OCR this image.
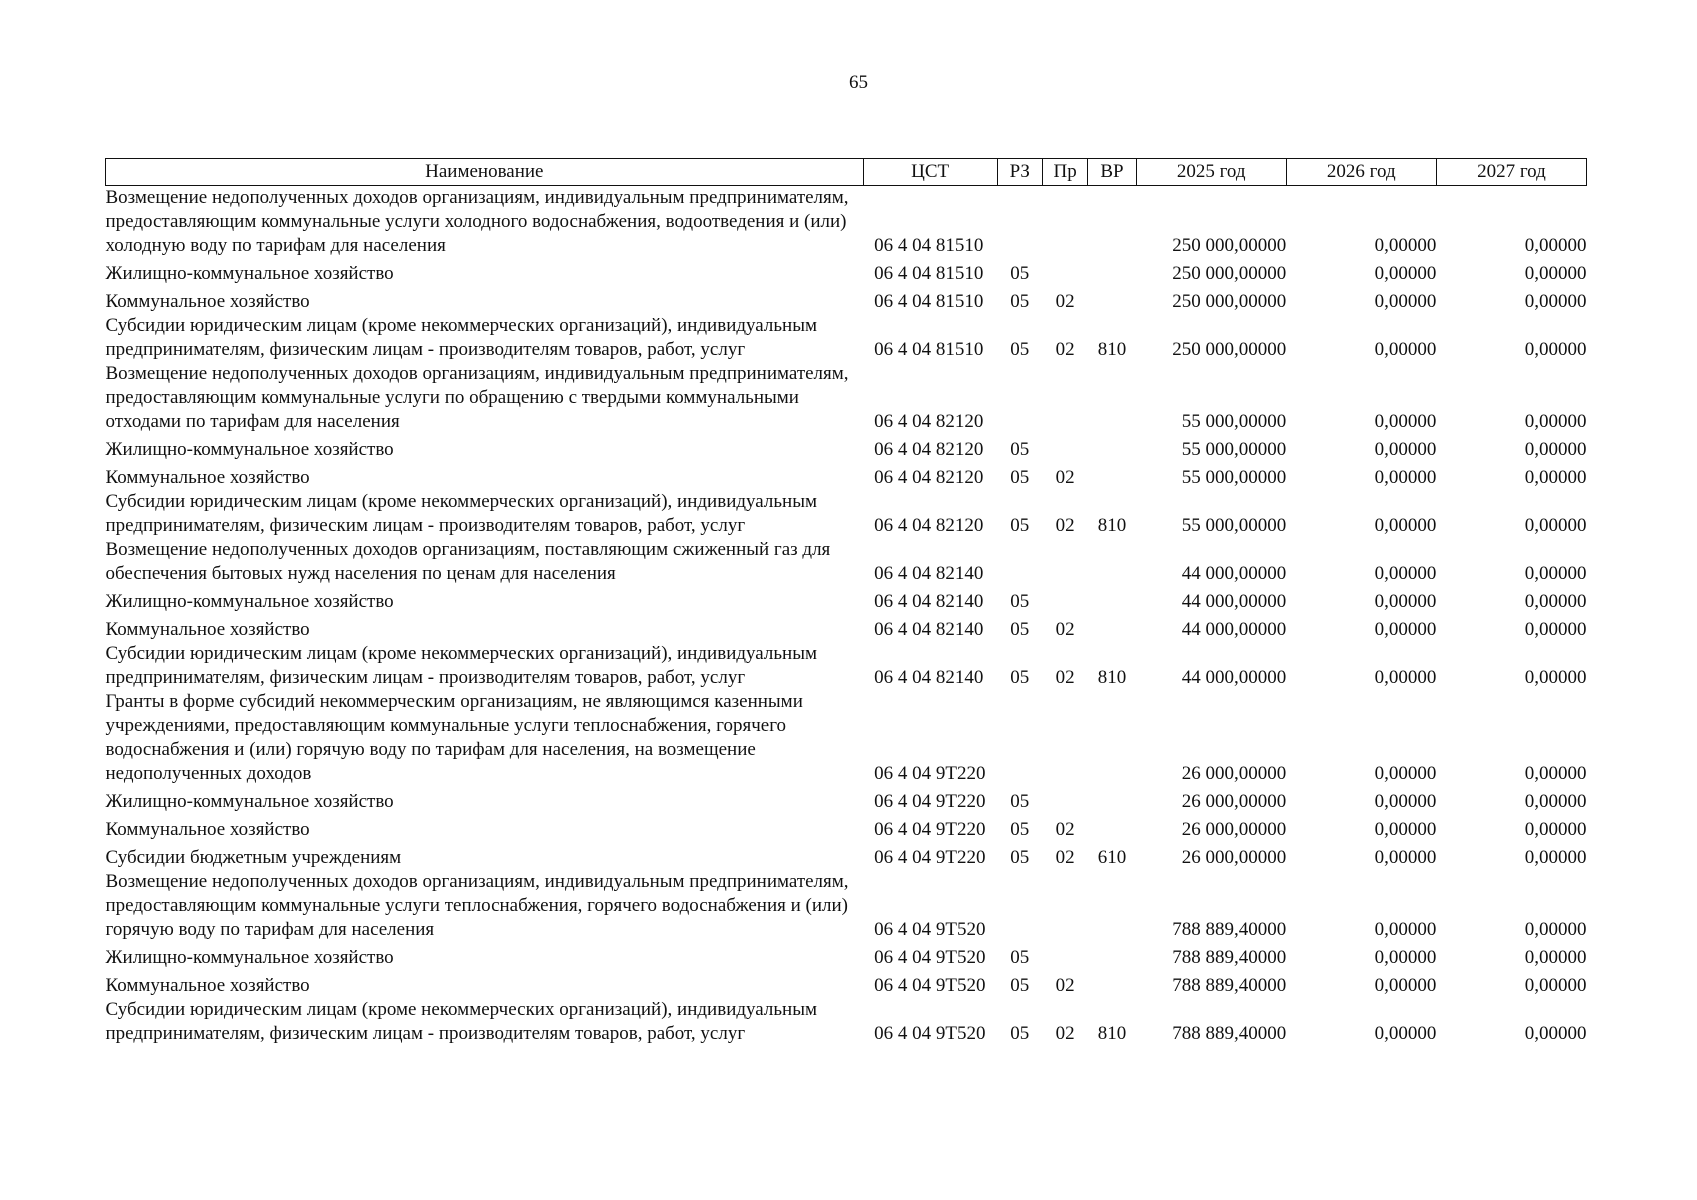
65
Наименование	ЦСТ	РЗ	Пр	ВР	2025 год	2026 год	2027 год
Возмещение недополученных доходов организациям, индивидуальным предпринимателям, предоставляющим коммунальные услуги холодного водоснабжения, водоотведения и (или) холодную воду по тарифам для населения	06 4 04 81510				250 000,00000	0,00000	0,00000
Жилищно-коммунальное хозяйство	06 4 04 81510	05			250 000,00000	0,00000	0,00000
Коммунальное хозяйство	06 4 04 81510	05	02		250 000,00000	0,00000	0,00000
Субсидии юридическим лицам (кроме некоммерческих организаций), индивидуальным предпринимателям, физическим лицам - производителям товаров, работ, услуг	06 4 04 81510	05	02	810	250 000,00000	0,00000	0,00000
Возмещение недополученных доходов организациям, индивидуальным предпринимателям, предоставляющим коммунальные услуги по обращению с твердыми коммунальными отходами по тарифам для населения	06 4 04 82120				55 000,00000	0,00000	0,00000
Жилищно-коммунальное хозяйство	06 4 04 82120	05			55 000,00000	0,00000	0,00000
Коммунальное хозяйство	06 4 04 82120	05	02		55 000,00000	0,00000	0,00000
Субсидии юридическим лицам (кроме некоммерческих организаций), индивидуальным предпринимателям, физическим лицам - производителям товаров, работ, услуг	06 4 04 82120	05	02	810	55 000,00000	0,00000	0,00000
Возмещение недополученных доходов организациям, поставляющим сжиженный газ для обеспечения бытовых нужд населения по ценам для населения	06 4 04 82140				44 000,00000	0,00000	0,00000
Жилищно-коммунальное хозяйство	06 4 04 82140	05			44 000,00000	0,00000	0,00000
Коммунальное хозяйство	06 4 04 82140	05	02		44 000,00000	0,00000	0,00000
Субсидии юридическим лицам (кроме некоммерческих организаций), индивидуальным предпринимателям, физическим лицам - производителям товаров, работ, услуг	06 4 04 82140	05	02	810	44 000,00000	0,00000	0,00000
Гранты в форме субсидий некоммерческим организациям, не являющимся казенными учреждениями, предоставляющим коммунальные услуги теплоснабжения, горячего водоснабжения и (или) горячую воду по тарифам для населения, на возмещение недополученных доходов	06 4 04 9Т220				26 000,00000	0,00000	0,00000
Жилищно-коммунальное хозяйство	06 4 04 9Т220	05			26 000,00000	0,00000	0,00000
Коммунальное хозяйство	06 4 04 9Т220	05	02		26 000,00000	0,00000	0,00000
Субсидии бюджетным учреждениям	06 4 04 9Т220	05	02	610	26 000,00000	0,00000	0,00000
Возмещение недополученных доходов организациям, индивидуальным предпринимателям, предоставляющим коммунальные услуги теплоснабжения, горячего водоснабжения и (или) горячую воду по тарифам для населения	06 4 04 9Т520				788 889,40000	0,00000	0,00000
Жилищно-коммунальное хозяйство	06 4 04 9Т520	05			788 889,40000	0,00000	0,00000
Коммунальное хозяйство	06 4 04 9Т520	05	02		788 889,40000	0,00000	0,00000
Субсидии юридическим лицам (кроме некоммерческих организаций), индивидуальным предпринимателям, физическим лицам - производителям товаров, работ, услуг	06 4 04 9Т520	05	02	810	788 889,40000	0,00000	0,00000
